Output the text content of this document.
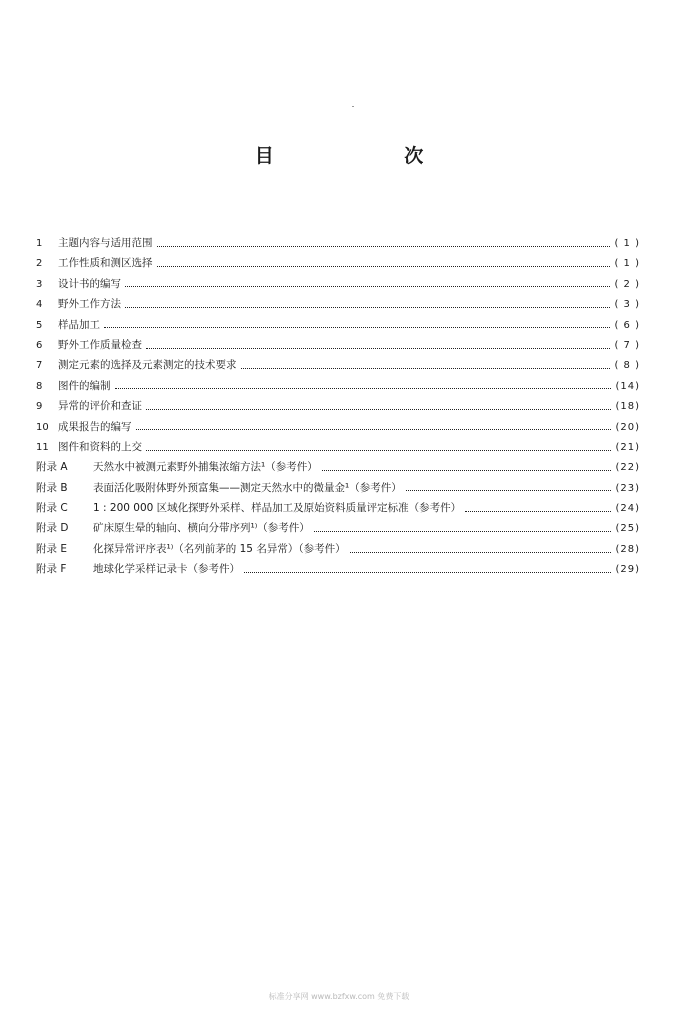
目 次
1	主题内容与适用范围	( 1 )
2	工作性质和测区选择	( 1 )
3	设计书的编写	( 2 )
4	野外工作方法	( 3 )
5	样品加工	( 6 )
6	野外工作质量检查	( 7 )
7	测定元素的选择及元素测定的技术要求	( 8 )
8	图件的编制	(14)
9	异常的评价和查证	(18)
10 成果报告的编写	(20)
11 图件和资料的上交	(21)
附录 A	天然水中被测元素野外捕集浓缩方法¹（参考件）	(22)
附录 B	表面活化吸附体野外预富集——测定天然水中的微量金¹（参考件）	(23)
附录 C	1 : 200 000 区域化探野外采样、样品加工及原始资料质量评定标准（参考件）	(24)
附录 D	矿床原生晕的轴向、横向分带序列¹⁾（参考件）	(25)
附录 E	化探异常评序表¹⁾（名列前茅的 15 名异常）（参考件）	(28)
附录 F	地球化学采样记录卡（参考件）	(29)
标准分享网 www.bzfxw.com 免费下载
